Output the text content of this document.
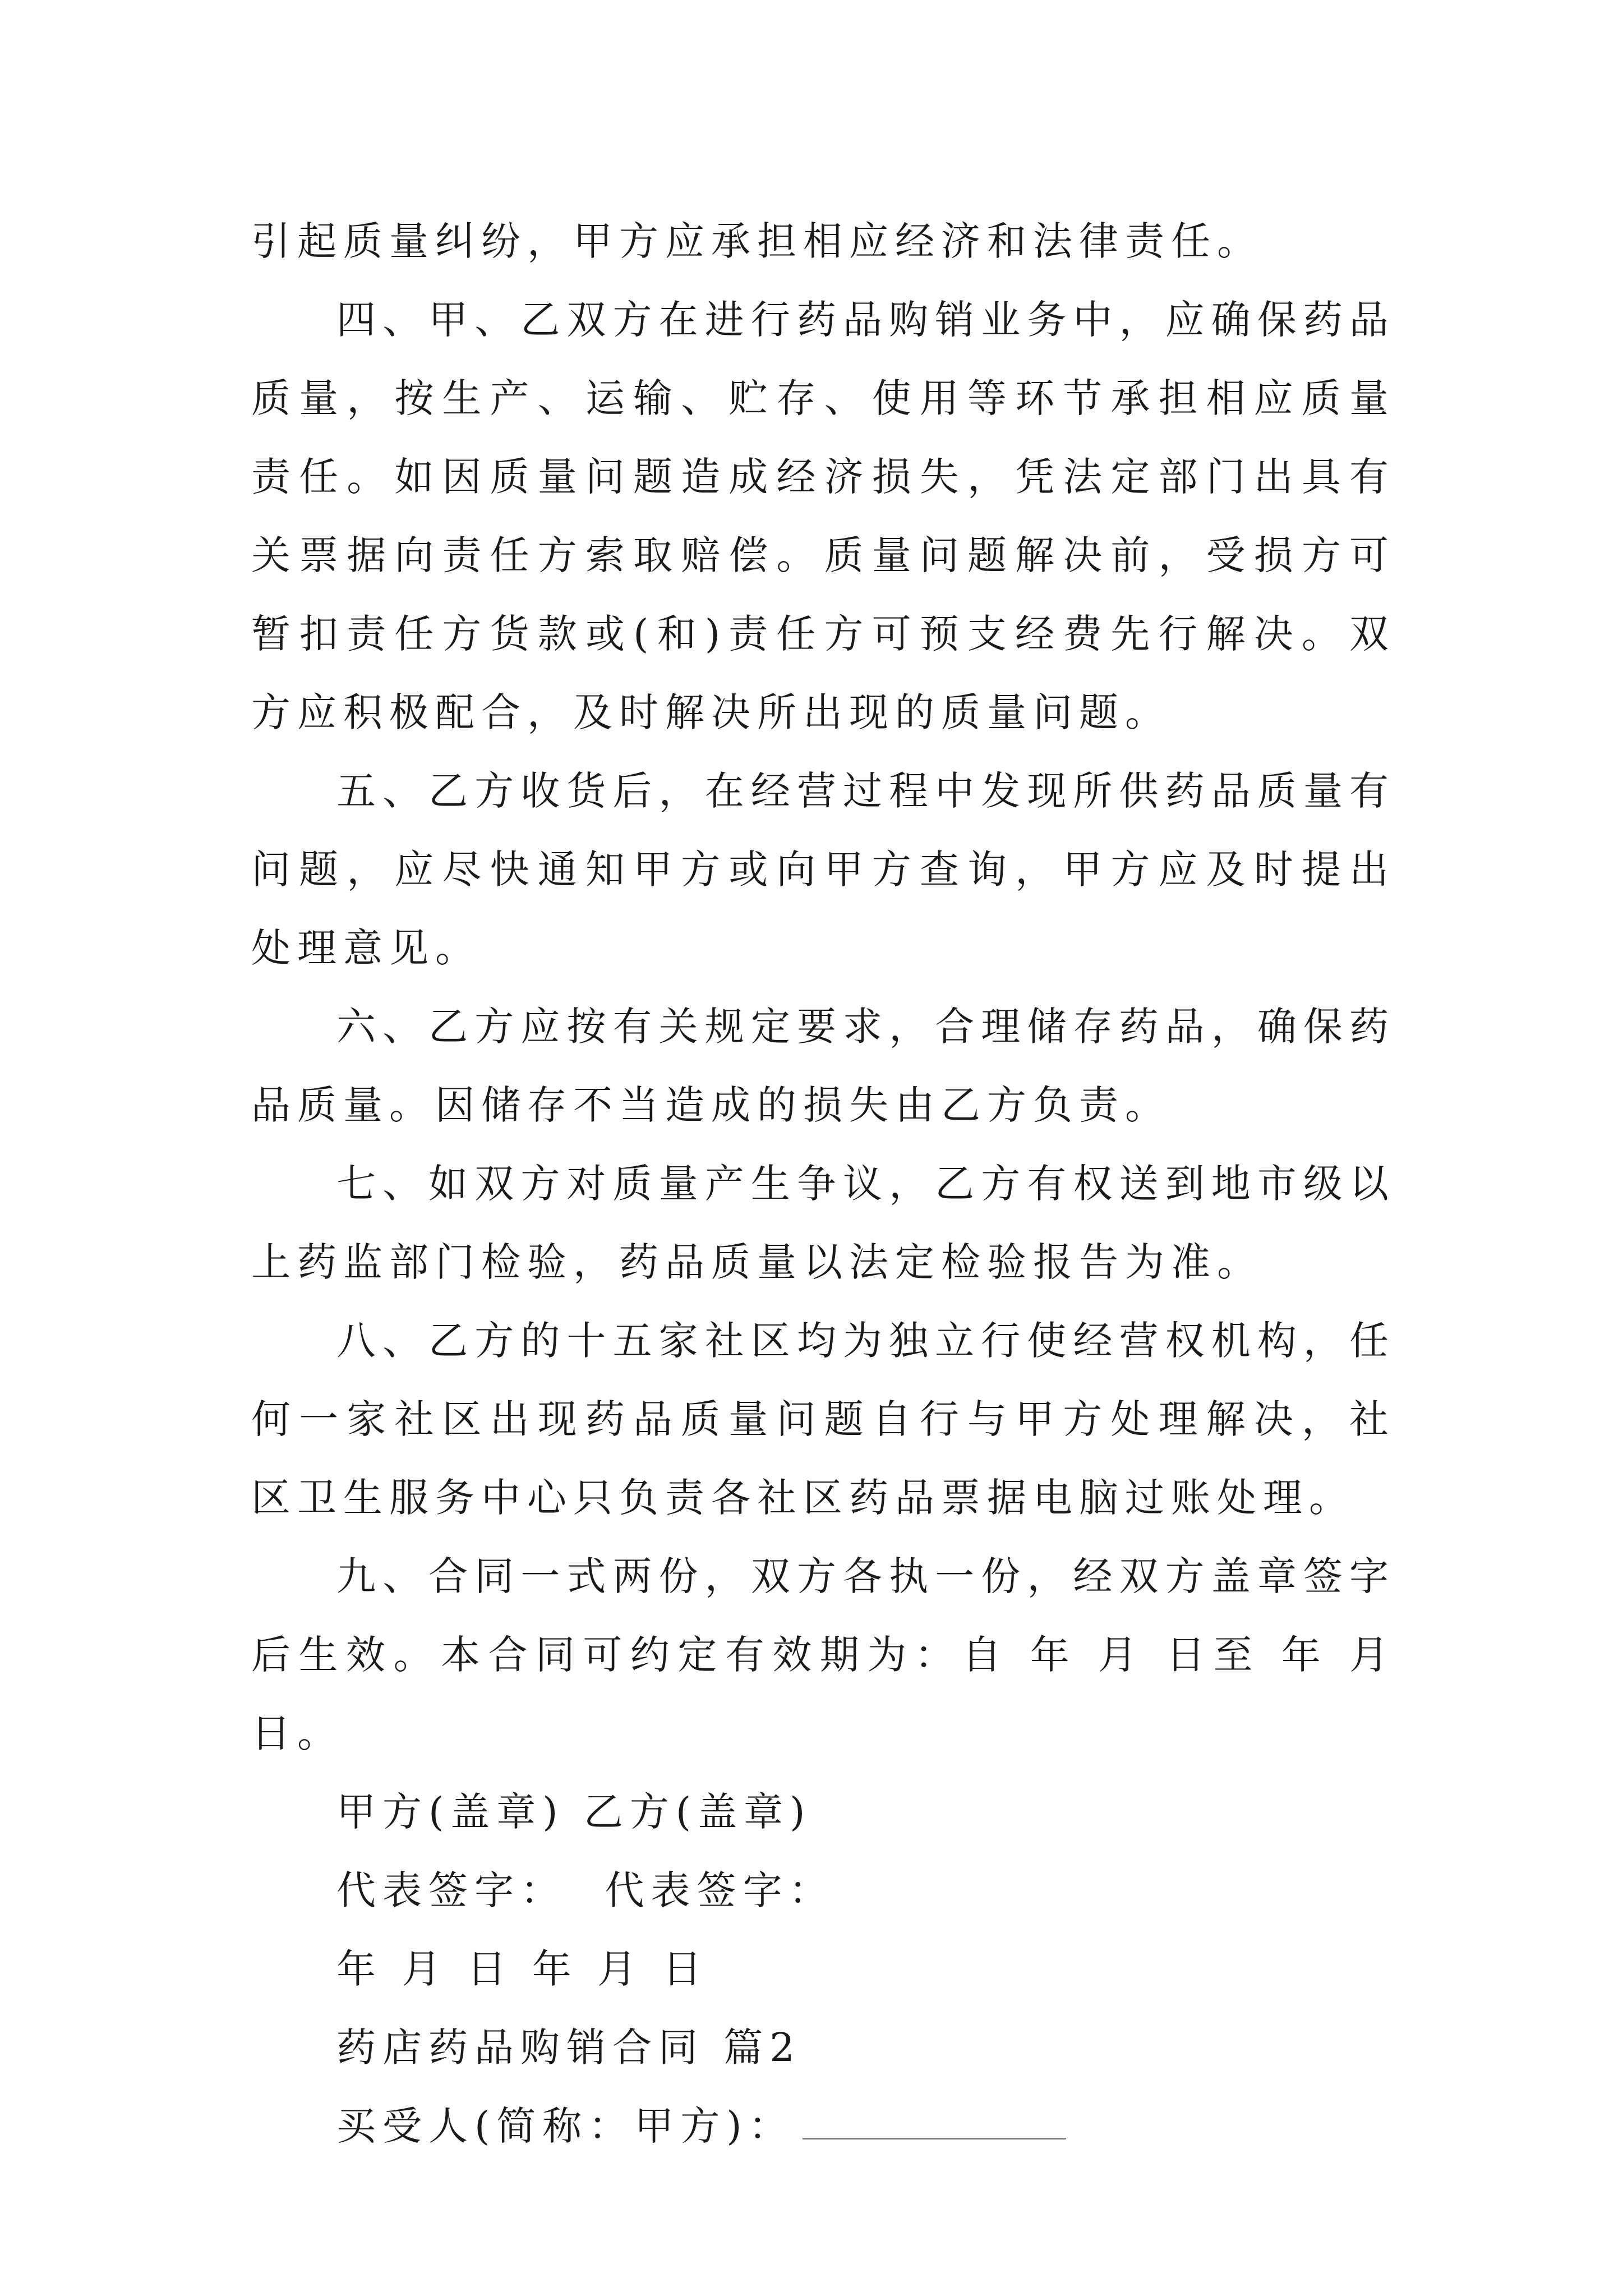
引起质量纠纷，甲方应承担相应经济和法律责任。

四、甲、乙双方在进行药品购销业务中，应确保药品质量，按生产、运输、贮存、使用等环节承担相应质量责任。如因质量问题造成经济损失，凭法定部门出具有关票据向责任方索取赔偿。质量问题解决前，受损方可暂扣责任方货款或(和)责任方可预支经费先行解决。双方应积极配合，及时解决所出现的质量问题。

五、乙方收货后，在经营过程中发现所供药品质量有问题，应尽快通知甲方或向甲方查询，甲方应及时提出处理意见。

六、乙方应按有关规定要求，合理储存药品，确保药品质量。因储存不当造成的损失由乙方负责。

七、如双方对质量产生争议，乙方有权送到地市级以上药监部门检验，药品质量以法定检验报告为准。

八、乙方的十五家社区均为独立行使经营权机构，任何一家社区出现药品质量问题自行与甲方处理解决，社区卫生服务中心只负责各社区药品票据电脑过账处理。

九、合同一式两份，双方各执一份，经双方盖章签字后生效。本合同可约定有效期为：自 年 月 日至 年 月 日。

甲方(盖章) 乙方(盖章)

代表签字：  代表签字：

年 月 日 年 月 日

药店药品购销合同 篇2

买受人(简称：甲方)：
